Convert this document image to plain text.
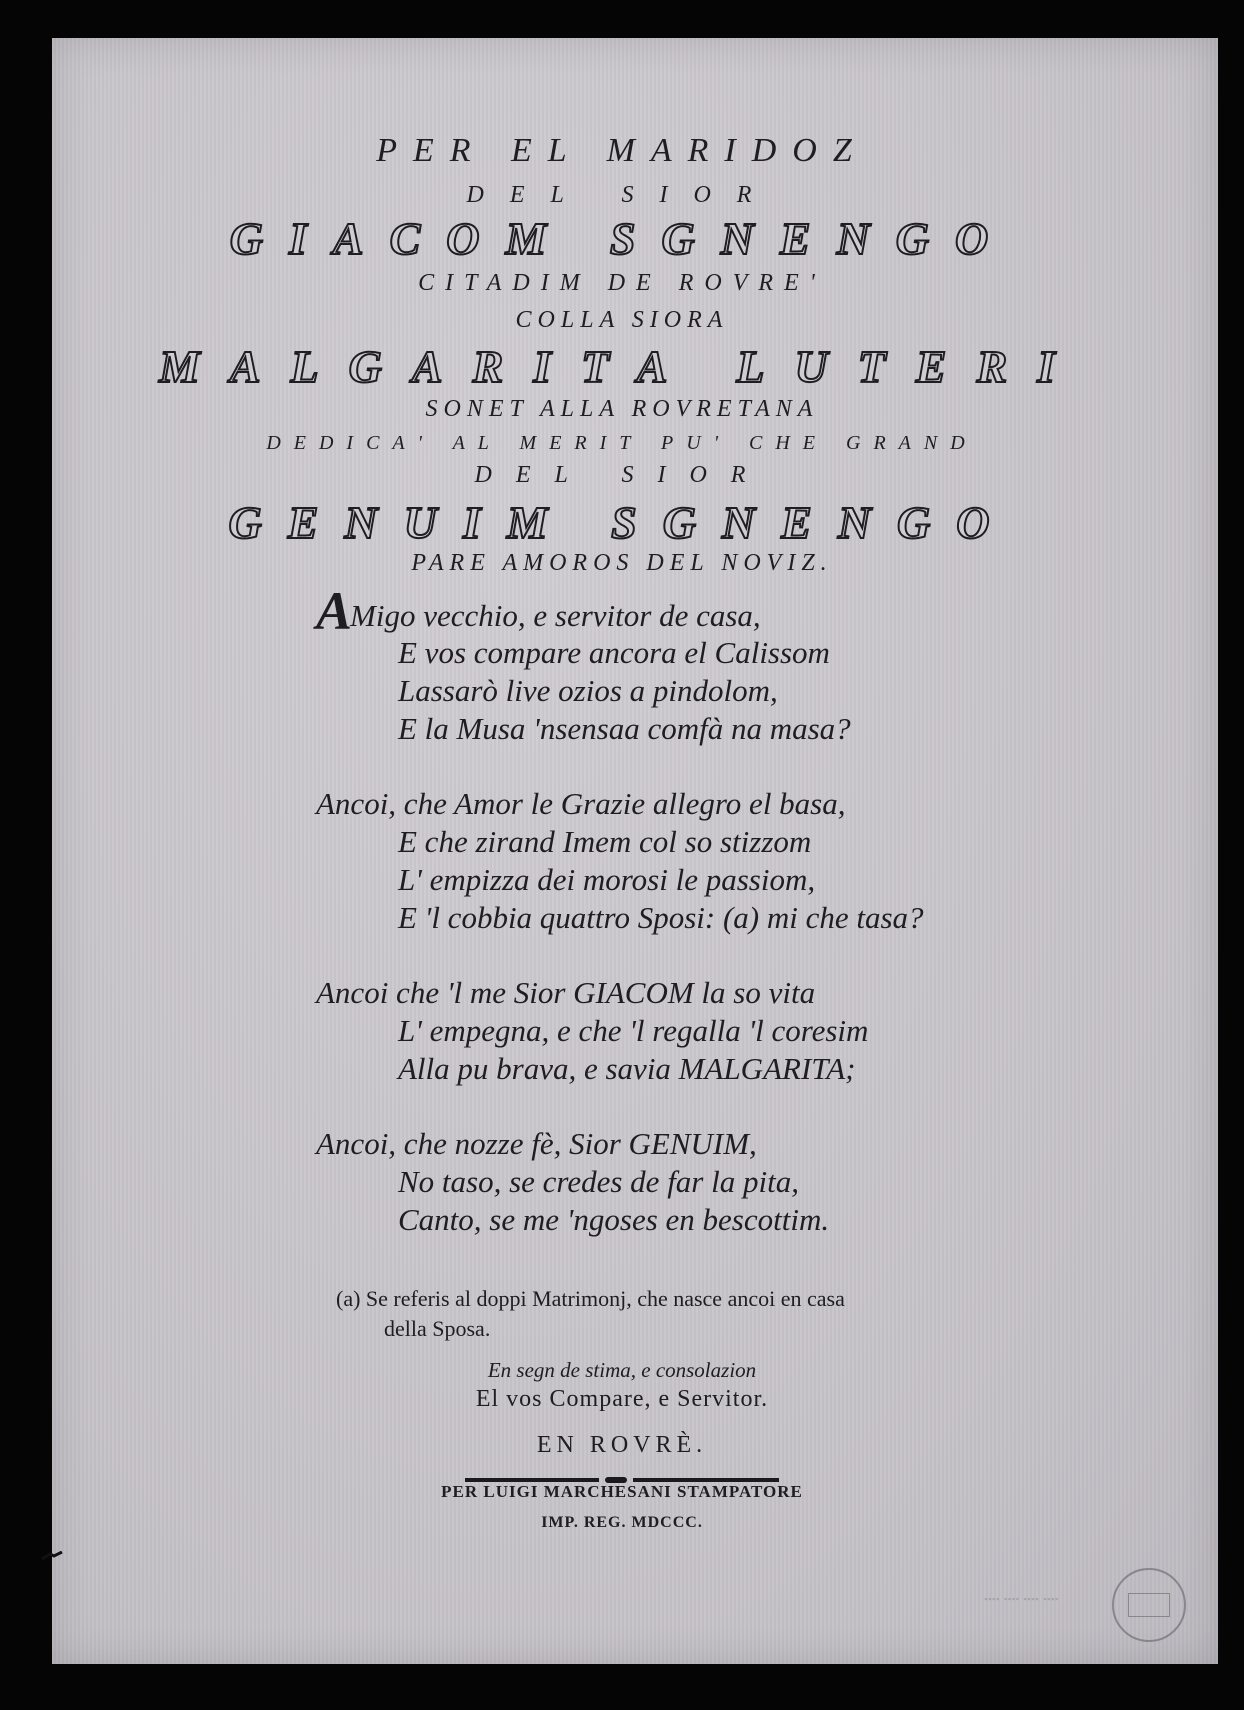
PER EL MARIDOZ
DEL SIOR
GIACOM SGNENGO
CITADIM DE ROVRE'
COLLA SIORA
MALGARITA LUTERI
SONET ALLA ROVRETANA
DEDICA' AL MERIT PU' CHE GRAND
DEL SIOR
GENUIM SGNENGO
PARE AMOROS DEL NOVIZ.
AMigo vecchio, e servitor de casa,
E vos compare ancora el Calissom
Lassarò live ozios a pindolom,
E la Musa 'nsensaa comfà na masa?
Ancoi, che Amor le Grazie allegro el basa,
E che zirand Imem col so stizzom
L' empizza dei morosi le passiom,
E 'l cobbia quattro Sposi: (a) mi che tasa?
Ancoi che 'l me Sior GIACOM la so vita
L' empegna, e che 'l regalla 'l coresim
Alla pu brava, e savia MALGARITA;
Ancoi, che nozze fè, Sior GENUIM,
No taso, se credes de far la pita,
Canto, se me 'ngoses en bescottim.
(a) Se referis al doppi Matrimonj, che nasce ancoi en casa
della Sposa.
En segn de stima, e consolazion
El vos Compare, e Servitor.
EN ROVRÈ.
PER LUIGI MARCHESANI STAMPATORE
IMP. REG. MDCCC.
┈┈┈┈
